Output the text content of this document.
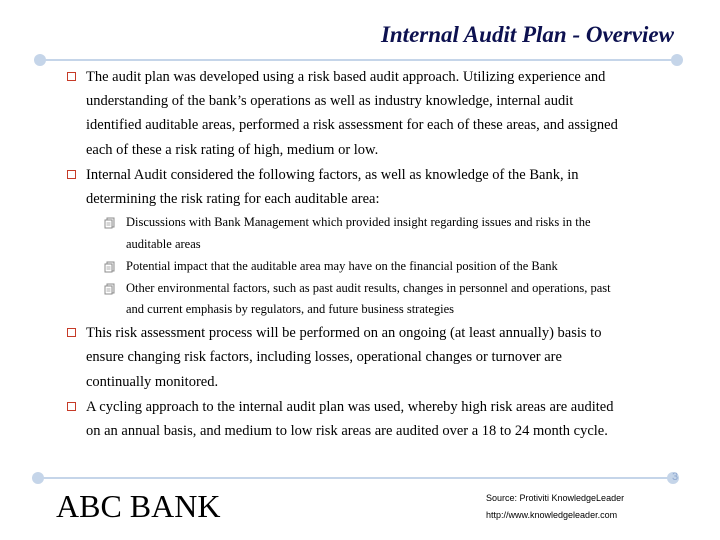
Internal Audit Plan - Overview
The audit plan was developed using a risk based audit approach. Utilizing experience and understanding of the bank’s operations as well as industry knowledge, internal audit identified auditable areas, performed a risk assessment for each of these areas, and assigned each of these a risk rating of high, medium or low.
Internal Audit considered the following factors, as well as knowledge of the Bank, in determining the risk rating for each auditable area:
Discussions with Bank Management which provided insight regarding issues and risks in the auditable areas
Potential impact that the auditable area may have on the financial position of the Bank
Other environmental factors, such as past audit results, changes in personnel and operations, past and current emphasis by regulators, and future business strategies
This risk assessment process will be performed on an ongoing (at least annually) basis to ensure changing risk factors, including losses, operational changes or turnover are continually monitored.
A cycling approach to the internal audit plan was used, whereby high risk areas are audited on an annual basis, and medium to low risk areas are audited over a 18 to 24 month cycle.
3
ABC BANK	Source: Protiviti KnowledgeLeader
http://www.knowledgeleader.com
